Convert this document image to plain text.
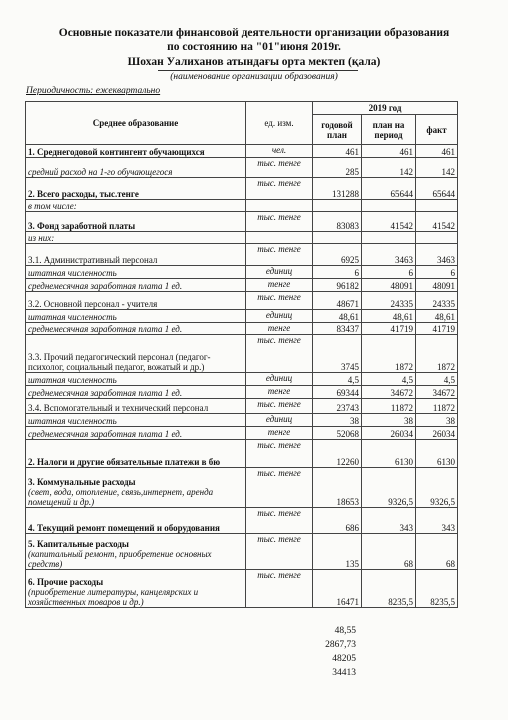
Основные показатели финансовой деятельности организации образования
по состоянию на "01"июня 2019г.
Шохан Уалиханов атындағы орта мектеп (қала)
(наименование организации образования)
Периодичность: ежеквартально
Среднее образование	ед. изм.	2019 год		
		годовой план	план на период	факт

1. Среднегодовой контингент обучающихся	чел.	461	461	461

средний расход на 1-го обучающегося	тыс. тенге	285	142	142

2. Всего расходы, тыс.тенге	тыс. тенге	131288	65644	65644

в том числе:				

3. Фонд заработной платы	тыс. тенге	83083	41542	41542

из них:				

3.1. Административный персонал	тыс. тенге	6925	3463	3463

штатная численность	единиц	6	6	6

среднемесячная заработная плата 1 ед.	тенге	96182	48091	48091

3.2. Основной персонал - учителя	тыс. тенге	48671	24335	24335

штатная численность	единиц	48,61	48,61	48,61

среднемесячная заработная плата 1 ед.	тенге	83437	41719	41719

3.3. Прочий педагогический персонал (педагог-психолог, социальный педагог, вожатый и др.)	тыс. тенге	3745	1872	1872

штатная численность	единиц	4,5	4,5	4,5

среднемесячная заработная плата 1 ед.	тенге	69344	34672	34672

3.4. Вспомогательный и технический персонал	тыс. тенге	23743	11872	11872

штатная численность	единиц	38	38	38

среднемесячная заработная плата 1 ед.	тенге	52068	26034	26034

2. Налоги и другие обязательные платежи в бю	тыс. тенге	12260	6130	6130

3. Коммунальные расходы
(свет, вода, отопление, связь,интернет, аренда помещений и др.)	тыс. тенге	18653	9326,5	9326,5

4. Текущий ремонт помещений и оборудования	тыс. тенге	686	343	343

5. Капитальные расходы
(капитальный ремонт, приобретение основных средств)	тыс. тенге	135	68	68

6. Прочие расходы
(приобретение литературы, канцелярских и хозяйственных товаров и др.)	тыс. тенге	16471	8235,5	8235,5
48,55
2867,73
48205
34413
